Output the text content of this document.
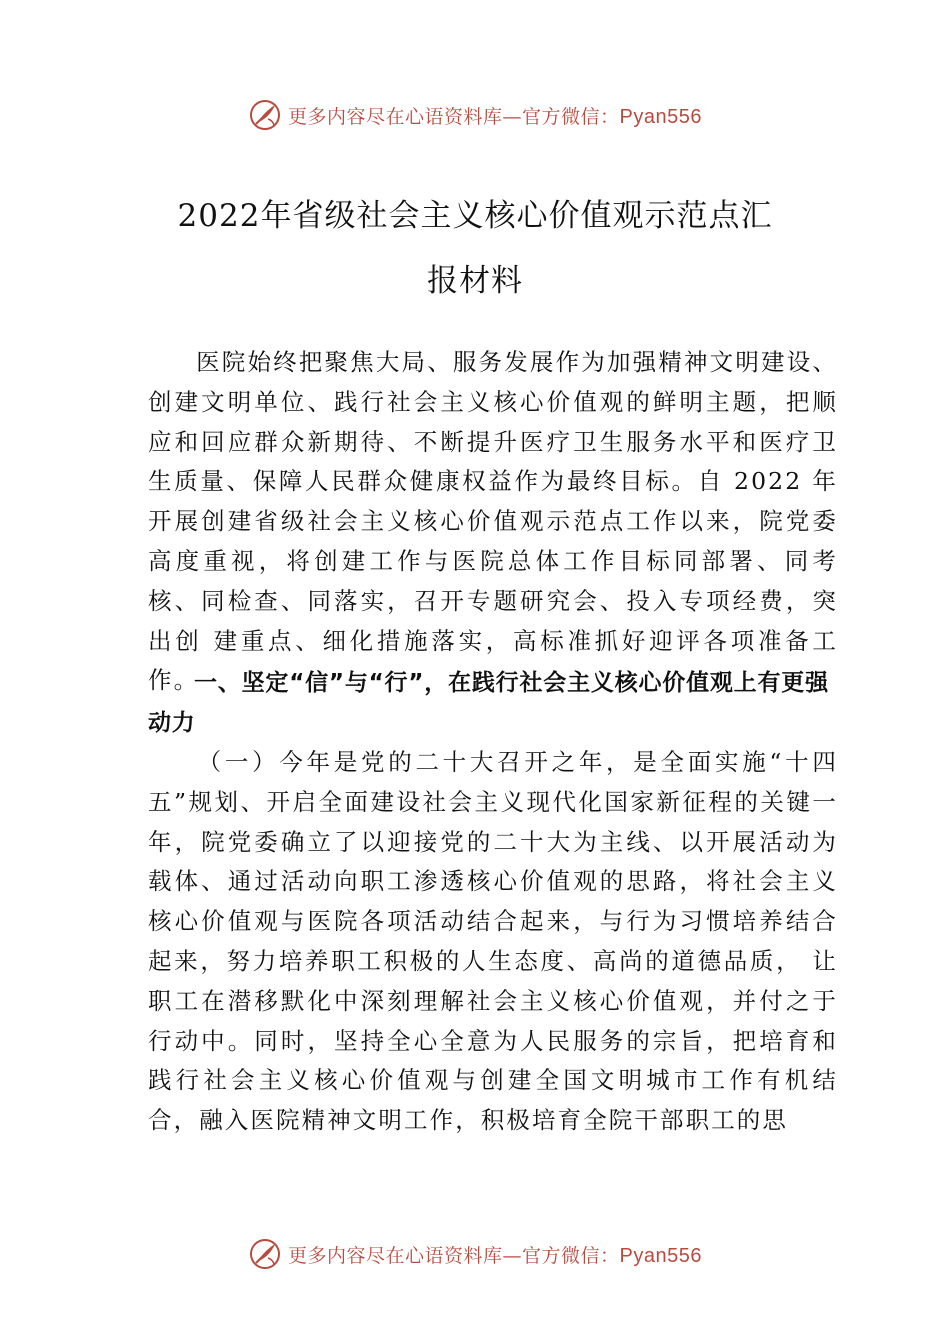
更多内容尽在心语资料库—官方微信：Pyan556
2022年省级社会主义核心价值观示范点汇
报材料

医院始终把聚焦大局、服务发展作为加强精神文明建设、创建文明单位、践行社会主义核心价值观的鲜明主题，把顺应和回应群众新期待、不断提升医疗卫生服务水平和医疗卫生质量、保障人民群众健康权益作为最终目标。自 2022 年开展创建省级社会主义核心价值观示范点工作以来，院党委高度重视，将创建工作与医院总体工作目标同部署、同考核、同检查、同落实，召开专题研究会、投入专项经费，突出创 建重点、细化措施落实，高标准抓好迎评各项准备工作。

一、坚定“信”与“行”，在践行社会主义核心价值观上有更强动力

（一）今年是党的二十大召开之年，是全面实施“十四五”规划、开启全面建设社会主义现代化国家新征程的关键一年，院党委确立了以迎接党的二十大为主线、以开展活动为载体、通过活动向职工渗透核心价值观的思路，将社会主义核心价值观与医院各项活动结合起来，与行为习惯培养结合起来，努力培养职工积极的人生态度、高尚的道德品质， 让职工在潜移默化中深刻理解社会主义核心价值观，并付之于行动中。同时，坚持全心全意为人民服务的宗旨，把培育和践行社会主义核心价值观与创建全国文明城市工作有机结合，融入医院精神文明工作，积极培育全院干部职工的思

更多内容尽在心语资料库—官方微信：Pyan556
